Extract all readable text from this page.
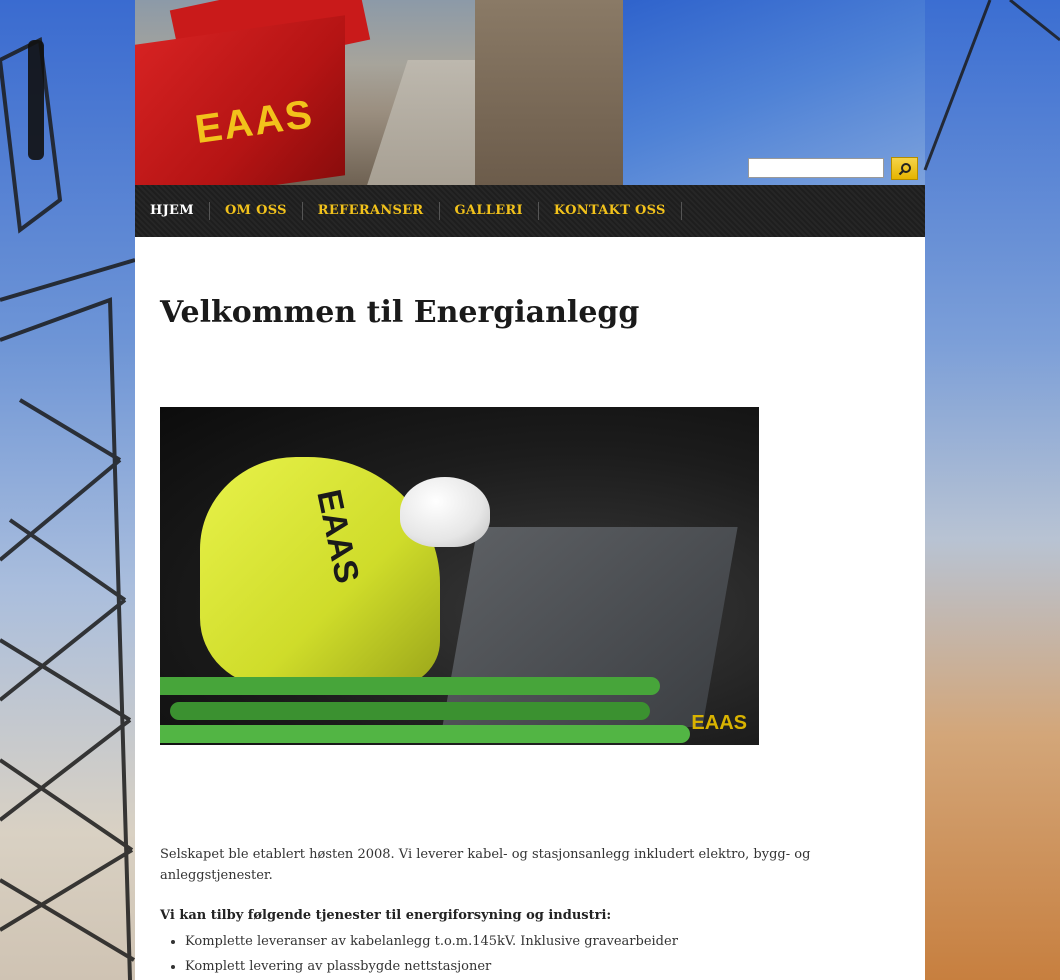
EAAS
HJEM	OM OSS	REFERANSER	GALLERI	KONTAKT OSS
Velkommen til Energianlegg
EAAS
EAAS

Selskapet ble etablert høsten 2008. Vi leverer kabel- og stasjonsanlegg inkludert elektro, bygg- og anleggstjenester.

Vi kan tilby følgende tjenester til energiforsyning og industri:

• Komplette leveranser av kabelanlegg t.o.m.145kV. Inklusive gravearbeider
• Komplett levering av plassbygde nettstasjoner
